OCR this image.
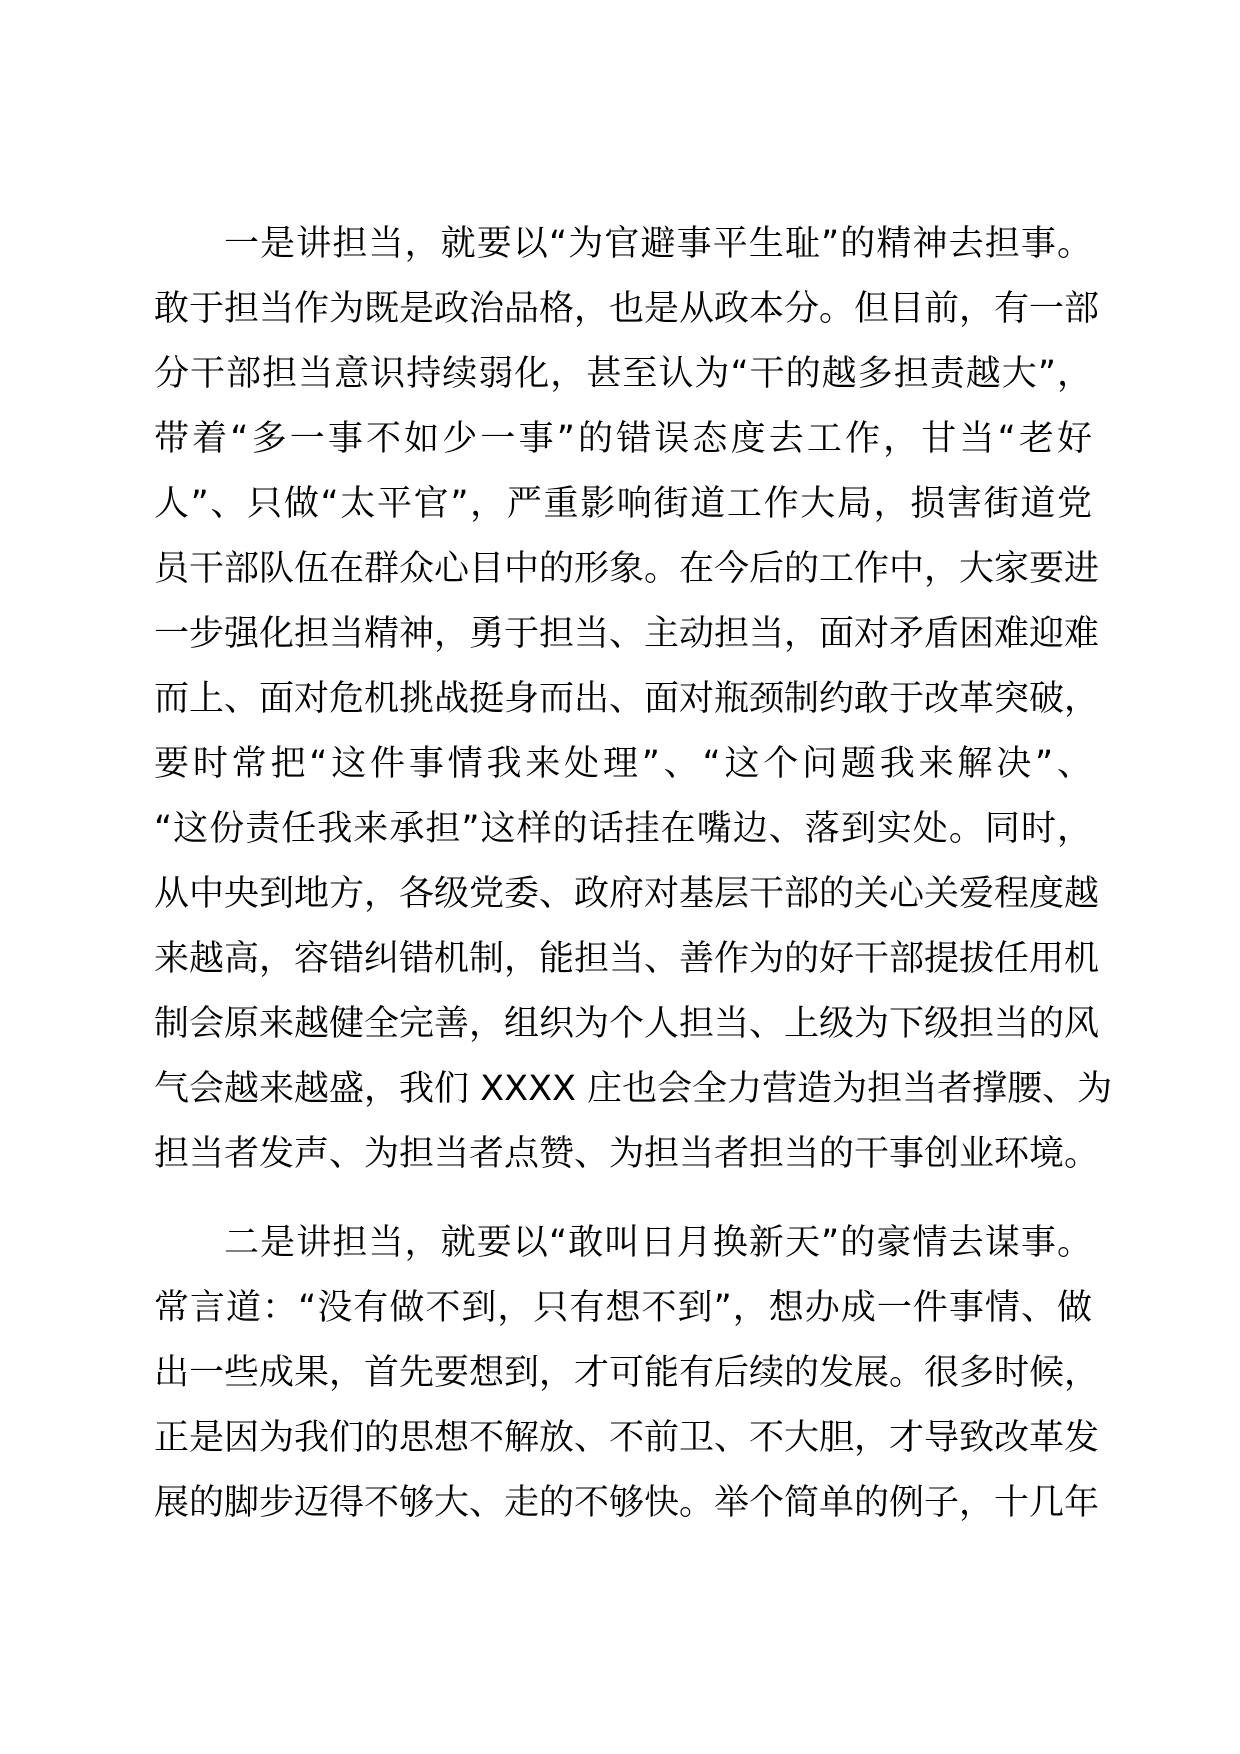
一是讲担当，就要以“为官避事平生耻”的精神去担事。
敢于担当作为既是政治品格，也是从政本分。但目前，有一部
分干部担当意识持续弱化，甚至认为“干的越多担责越大”，
带着“多一事不如少一事”的错误态度去工作，甘当“老好
人”、只做“太平官”，严重影响街道工作大局，损害街道党
员干部队伍在群众心目中的形象。在今后的工作中，大家要进
一步强化担当精神，勇于担当、主动担当，面对矛盾困难迎难
而上、面对危机挑战挺身而出、面对瓶颈制约敢于改革突破，
要时常把“这件事情我来处理”、“这个问题我来解决”、
“这份责任我来承担”这样的话挂在嘴边、落到实处。同时，
从中央到地方，各级党委、政府对基层干部的关心关爱程度越
来越高，容错纠错机制，能担当、善作为的好干部提拔任用机
制会原来越健全完善，组织为个人担当、上级为下级担当的风
气会越来越盛，我们 XXXX 庄也会全力营造为担当者撑腰、为
担当者发声、为担当者点赞、为担当者担当的干事创业环境。
二是讲担当，就要以“敢叫日月换新天”的豪情去谋事。
常言道：“没有做不到，只有想不到”，想办成一件事情、做
出一些成果，首先要想到，才可能有后续的发展。很多时候，
正是因为我们的思想不解放、不前卫、不大胆，才导致改革发
展的脚步迈得不够大、走的不够快。举个简单的例子，十几年
